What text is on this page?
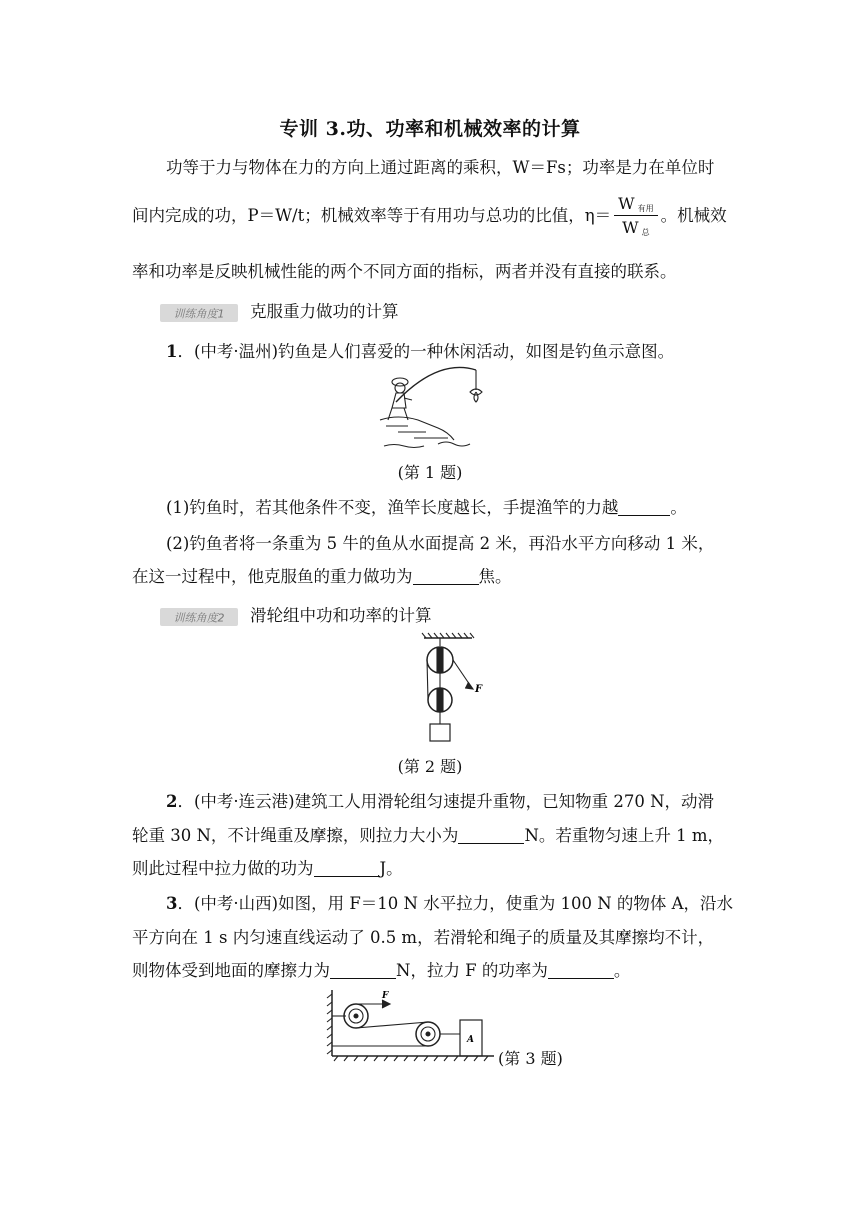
专训 3.功、功率和机械效率的计算
功等于力与物体在力的方向上通过距离的乘积，W＝Fs；功率是力在单位时
间内完成的功，P＝W/t；机械效率等于有用功与总功的比值，$\eta= \frac{W _{有用}}{W _总}$ 。机械效
率和功率是反映机械性能的两个不同方面的指标，两者并没有直接的联系。
训练角度1 克服重力做功的计算
1．(中考·温州)钓鱼是人们喜爱的一种休闲活动，如图是钓鱼示意图。
(第 1 题)
(1)钓鱼时，若其他条件不变，渔竿长度越长，手提渔竿的力越	。
(2)钓鱼者将一条重为 5 牛的鱼从水面提高 2 米，再沿水平方向移动 1 米，
在这一过程中，他克服鱼的重力做功为	焦。
训练角度2 滑轮组中功和功率的计算
F
(第 2 题)
2．(中考·连云港)建筑工人用滑轮组匀速提升重物，已知物重 270 N，动滑
轮重 30 N，不计绳重及摩擦，则拉力大小为	N。若重物匀速上升 1 m，
则此过程中拉力做的功为	J。
3．(中考·山西)如图，用 F＝10 N 水平拉力，使重为 100 N 的物体 A，沿水
平方向在 1 s 内匀速直线运动了 0.5 m，若滑轮和绳子的质量及其摩擦均不计，
则物体受到地面的摩擦力为	N，拉力 F 的功率为	。
F
A
(第 3 题)
